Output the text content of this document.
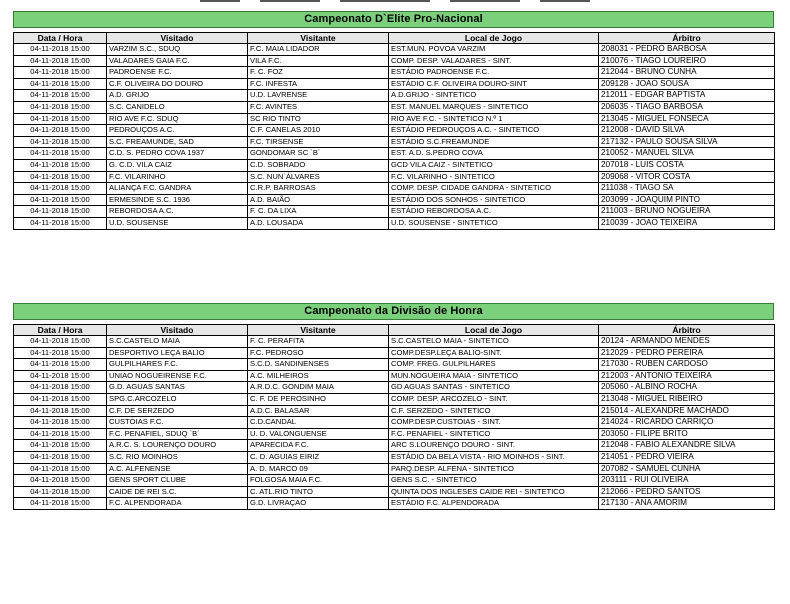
Campeonato D`Elite Pro-Nacional
Data / Hora	Visitado	Visitante	Local de Jogo	Árbitro
04-11-2018 15:00	VARZIM S.C., SDUQ	F.C. MAIA LIDADOR	EST.MUN. POVOA VARZIM	208031 - PEDRO BARBOSA
04-11-2018 15:00	VALADARES GAIA F.C.	VILA F.C.	COMP. DESP. VALADARES - SINT.	210076 - TIAGO LOUREIRO
04-11-2018 15:00	PADROENSE F.C.	F. C. FOZ	ESTÁDIO PADROENSE F.C.	212044 - BRUNO CUNHA
04-11-2018 15:00	C.F. OLIVEIRA DO DOURO	F.C. INFESTA	ESTÁDIO C.F. OLIVEIRA DOURO-SINT	209128 - JOAO SOUSA
04-11-2018 15:00	A.D. GRIJO	U.D. LAVRENSE	A.D.GRIJO - SINTETICO	212011 - EDGAR BAPTISTA
04-11-2018 15:00	S.C. CANIDELO	F.C. AVINTES	EST. MANUEL MARQUES - SINTETICO	206035 - TIAGO BARBOSA
04-11-2018 15:00	RIO AVE F.C. SDUQ	SC RIO TINTO	RIO AVE F.C. - SINTETICO N.º 1	213045 - MIGUEL FONSECA
04-11-2018 15:00	PEDROUÇOS A.C.	C.F. CANELAS 2010	ESTÁDIO PEDROUÇOS A.C. - SINTETICO	212008 - DAVID SILVA
04-11-2018 15:00	S.C. FREAMUNDE, SAD	F.C. TIRSENSE	ESTÁDIO S.C.FREAMUNDE	217132 - PAULO SOUSA SILVA
04-11-2018 15:00	C.D. S. PEDRO COVA 1937	GONDOMAR SC `B´	EST. A.D. S.PEDRO COVA	210052 - MANUEL SILVA
04-11-2018 15:00	G. C.D. VILA CAIZ	C.D. SOBRADO	GCD VILA CAIZ - SINTETICO	207018 - LUIS COSTA
04-11-2018 15:00	F.C. VILARINHO	S.C. NUN`ÁLVARES	F.C. VILARINHO - SINTETICO	209068 - VITOR COSTA
04-11-2018 15:00	ALIANÇA F.C. GANDRA	C.R.P. BARROSAS	COMP. DESP. CIDADE GANDRA - SINTETICO	211038 - TIAGO SA
04-11-2018 15:00	ERMESINDE S.C. 1936	A.D. BAIÃO	ESTÁDIO DOS SONHOS - SINTETICO	203099 - JOAQUIM PINTO
04-11-2018 15:00	REBORDOSA A.C.	F. C. DA LIXA	ESTÁDIO REBORDOSA A.C.	211003 - BRUNO NOGUEIRA
04-11-2018 15:00	U.D. SOUSENSE	A.D. LOUSADA	U.D. SOUSENSE - SINTETICO	210039 - JOAO TEIXEIRA
Campeonato da Divisão de Honra
Data / Hora	Visitado	Visitante	Local de Jogo	Árbitro
04-11-2018 15:00	S.C.CASTELO MAIA	F. C. PERAFITA	S.C.CASTELO MAIA - SINTETICO	20124 - ARMANDO MENDES
04-11-2018 15:00	DESPORTIVO LEÇA BALIO	F.C. PEDROSO	COMP.DESP.LEÇA BALIO-SINT.	212029 - PEDRO PEREIRA
04-11-2018 15:00	GULPILHARES F.C.	S.C.D. SANDINENSES	COMP. FREG. GULPILHARES	217030 - RUBEN CARDOSO
04-11-2018 15:00	UNIAO NOGUEIRENSE F.C.	A.C. MILHEIROS	MUN.NOGUEIRA MAIA - SINTETICO	212003 - ANTONIO TEIXEIRA
04-11-2018 15:00	G.D. AGUAS SANTAS	A.R.D.C. GONDIM MAIA	GD AGUAS SANTAS - SINTETICO	205060 - ALBINO ROCHA
04-11-2018 15:00	SPG.C.ARCOZELO	C. F. DE PEROSINHO	COMP. DESP. ARCOZELO - SINT.	213048 - MIGUEL RIBEIRO
04-11-2018 15:00	C.F. DE SERZEDO	A.D.C. BALASAR	C.F. SERZEDO - SINTETICO	215014 - ALEXANDRE MACHADO
04-11-2018 15:00	CUSTÓIAS F.C.	C.D.CANDAL	COMP.DESP.CUSTOIAS - SINT.	214024 - RICARDO CARRIÇO
04-11-2018 15:00	F.C. PENAFIEL, SDUQ `B´	U. D. VALONGUENSE	F.C. PENAFIEL - SINTETICO	203050 - FILIPE BRITO
04-11-2018 15:00	A.R.C. S. LOURENÇO DOURO	APARECIDA F.C.	ARC S.LOURENÇO DOURO - SINT.	212048 - FABIO ALEXANDRE SILVA
04-11-2018 15:00	S.C. RIO MOINHOS	C. D. AGUIAS EIRIZ	ESTÁDIO DA BELA VISTA - RIO MOINHOS - SINT.	214051 - PEDRO VIEIRA
04-11-2018 15:00	A.C. ALFENENSE	A. D. MARCO 09	PARQ.DESP. ALFENA - SINTETICO	207082 - SAMUEL CUNHA
04-11-2018 15:00	GENS SPORT CLUBE	FOLGOSA MAIA F.C.	GENS S.C. - SINTETICO	203111 - RUI OLIVEIRA
04-11-2018 15:00	CAIDE DE REI S.C.	C. ATL.RIO TINTO	QUINTA DOS INGLESES CAIDE REI - SINTETICO	212066 - PEDRO SANTOS
04-11-2018 15:00	F.C. ALPENDORADA	G.D. LIVRAÇAO	ESTÁDIO F.C. ALPENDORADA	217130 - ANA AMORIM
